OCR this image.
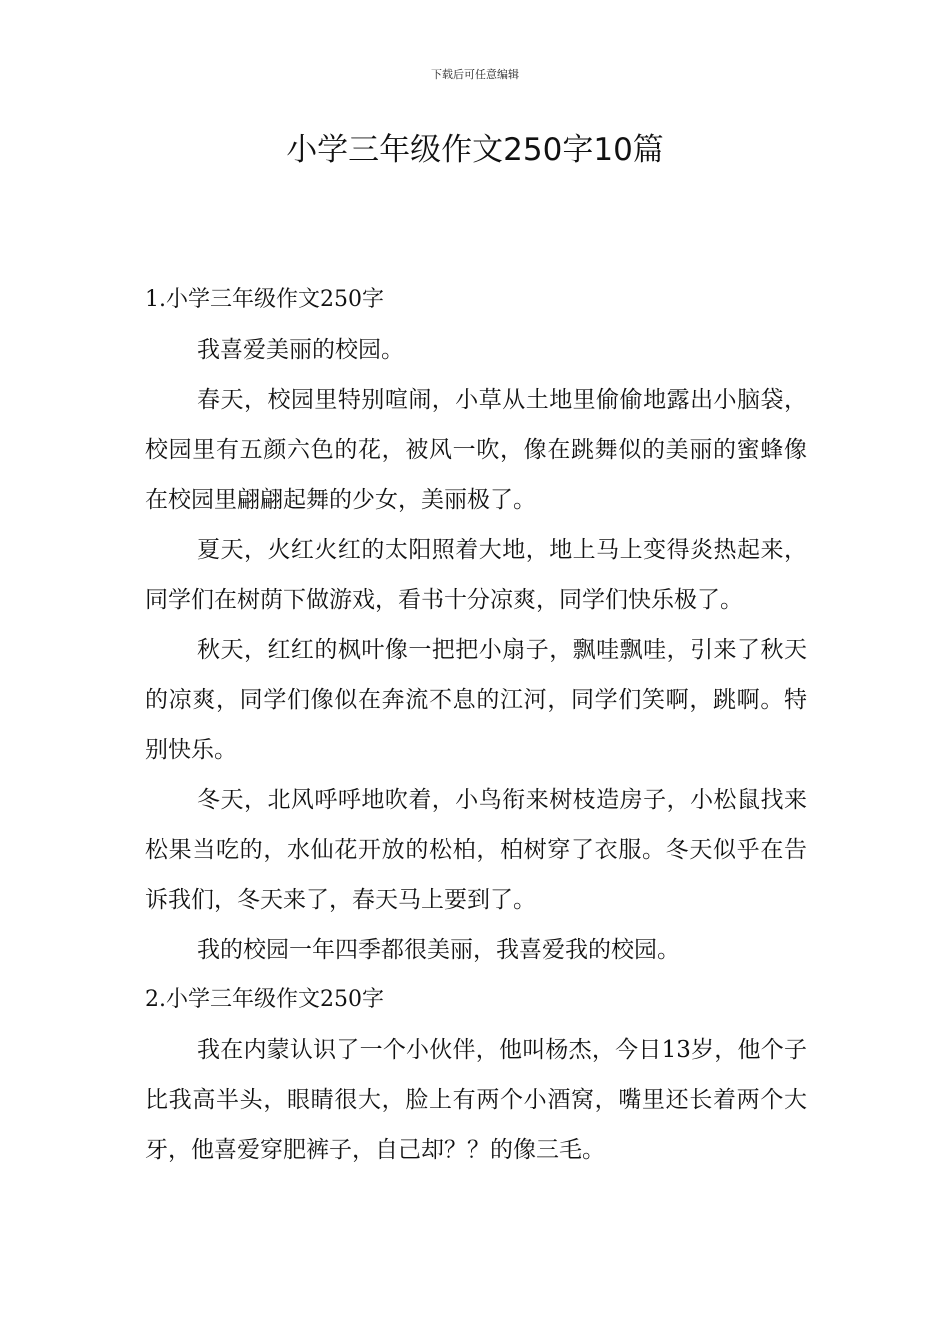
下载后可任意编辑
小学三年级作文250字10篇

1.小学三年级作文250字

我喜爱美丽的校园。

春天，校园里特别喧闹，小草从土地里偷偷地露出小脑袋，校园里有五颜六色的花，被风一吹，像在跳舞似的美丽的蜜蜂像在校园里翩翩起舞的少女，美丽极了。

夏天，火红火红的太阳照着大地，地上马上变得炎热起来，同学们在树荫下做游戏，看书十分凉爽，同学们快乐极了。

秋天，红红的枫叶像一把把小扇子，飘哇飘哇，引来了秋天的凉爽，同学们像似在奔流不息的江河，同学们笑啊，跳啊。特别快乐。

冬天，北风呼呼地吹着，小鸟衔来树枝造房子，小松鼠找来松果当吃的，水仙花开放的松柏，柏树穿了衣服。冬天似乎在告诉我们，冬天来了，春天马上要到了。

我的校园一年四季都很美丽，我喜爱我的校园。

2.小学三年级作文250字

我在内蒙认识了一个小伙伴，他叫杨杰，今日13岁，他个子比我高半头，眼睛很大，脸上有两个小酒窝，嘴里还长着两个大牙，他喜爱穿肥裤子，自己却？？的像三毛。
